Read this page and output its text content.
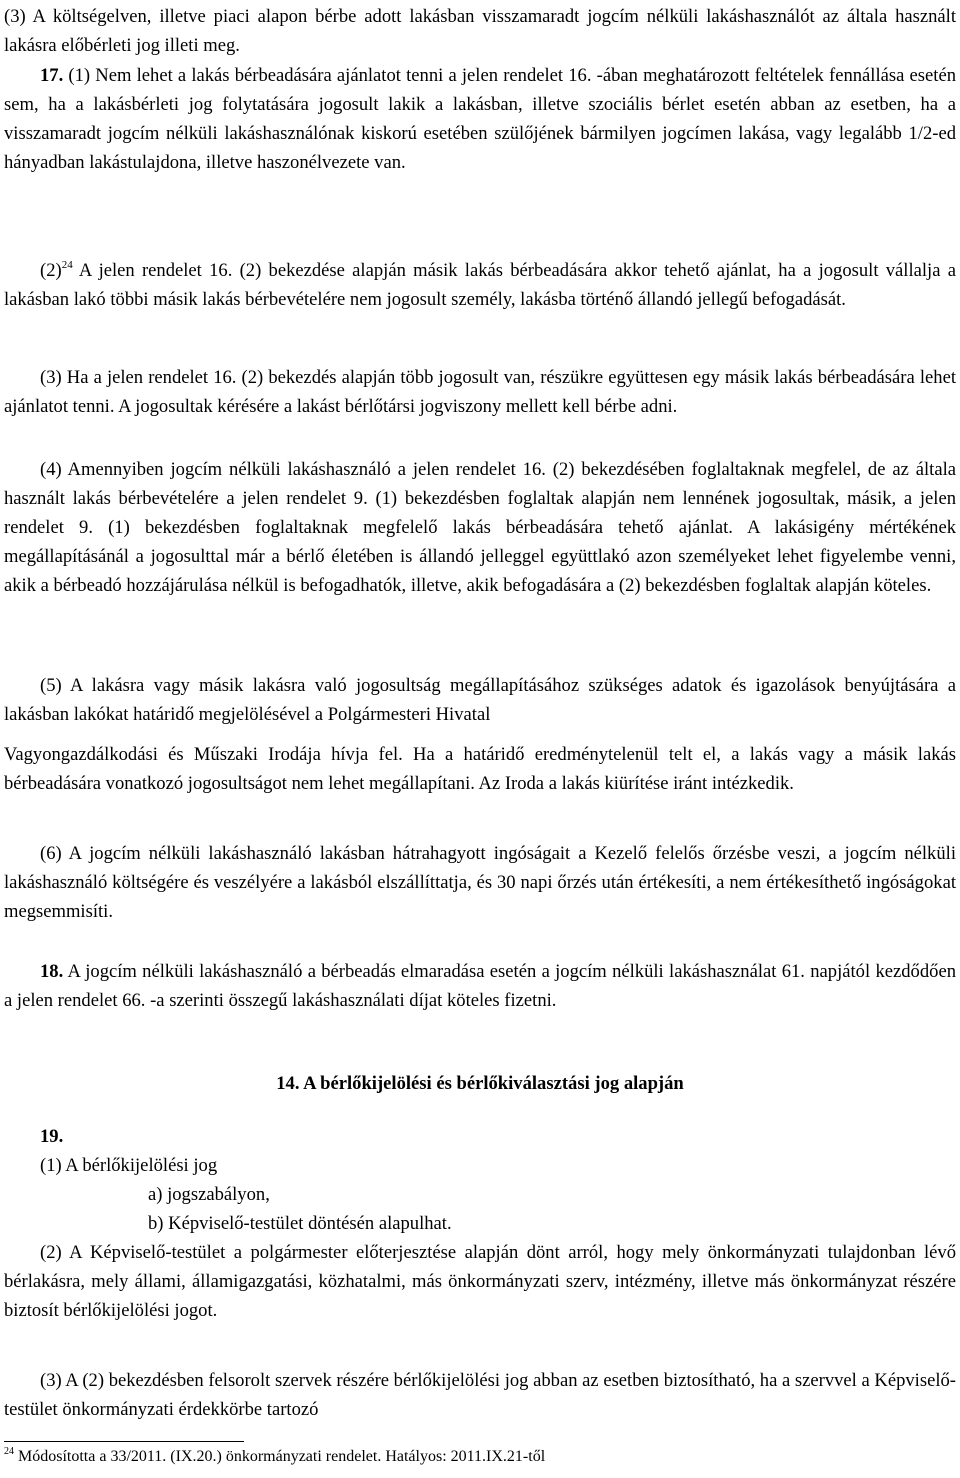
(3) A költségelven, illetve piaci alapon bérbe adott lakásban visszamaradt jogcím nélküli lakáshasználót az általa használt lakásra előbérleti jog illeti meg.

17. (1) Nem lehet a lakás bérbeadására ajánlatot tenni a jelen rendelet 16. -ában meghatározott feltételek fennállása esetén sem, ha a lakásbérleti jog folytatására jogosult lakik a lakásban, illetve szociális bérlet esetén abban az esetben, ha a visszamaradt jogcím nélküli lakáshasználónak kiskorú esetében szülőjének bármilyen jogcímen lakása, vagy legalább 1/2-ed hányadban lakástulajdona, illetve haszonélvezete van.

$(2)^{24}$ A jelen rendelet 16. (2) bekezdése alapján másik lakás bérbeadására akkor tehető ajánlat, ha a jogosult vállalja a lakásban lakó többi másik lakás bérbevételére nem jogosult személy, lakásba történő állandó jellegű befogadását.

(3) Ha a jelen rendelet 16. (2) bekezdés alapján több jogosult van, részükre együttesen egy másik lakás bérbeadására lehet ajánlatot tenni. A jogosultak kérésére a lakást bérlőtársi jogviszony mellett kell bérbe adni.

(4) Amennyiben jogcím nélküli lakáshasználó a jelen rendelet 16. (2) bekezdésében foglaltaknak megfelel, de az általa használt lakás bérbevételére a jelen rendelet 9. (1) bekezdésben foglaltak alapján nem lennének jogosultak, másik, a jelen rendelet 9. (1) bekezdésben foglaltaknak megfelelő lakás bérbeadására tehető ajánlat. A lakásigény mértékének megállapításánál a jogosulttal már a bérlő életében is állandó jelleggel együttlakó azon személyeket lehet figyelembe venni, akik a bérbeadó hozzájárulása nélkül is befogadhatók, illetve, akik befogadására a (2) bekezdésben foglaltak alapján köteles.

(5) A lakásra vagy másik lakásra való jogosultság megállapításához szükséges adatok és igazolások benyújtására a lakásban lakókat határidő megjelölésével a Polgármesteri Hivatal

Vagyongazdálkodási és Műszaki Irodája hívja fel. Ha a határidő eredménytelenül telt el, a lakás vagy a másik lakás bérbeadására vonatkozó jogosultságot nem lehet megállapítani. Az Iroda a lakás kiürítése iránt intézkedik.

(6) A jogcím nélküli lakáshasználó lakásban hátrahagyott ingóságait a Kezelő felelős őrzésbe veszi, a jogcím nélküli lakáshasználó költségére és veszélyére a lakásból elszállíttatja, és 30 napi őrzés után értékesíti, a nem értékesíthető ingóságokat megsemmisíti.

18. A jogcím nélküli lakáshasználó a bérbeadás elmaradása esetén a jogcím nélküli lakáshasználat 61. napjától kezdődően a jelen rendelet 66. -a szerinti összegű lakáshasználati díjat köteles fizetni.

14. A bérlőkijelölési és bérlőkiválasztási jog alapján
19.
(1) A bérlőkijelölési jog
a) jogszabályon,
b) Képviselő-testület döntésén alapulhat.

(2) A Képviselő-testület a polgármester előterjesztése alapján dönt arról, hogy mely önkormányzati tulajdonban lévő bérlakásra, mely állami, államigazgatási, közhatalmi, más önkormányzati szerv, intézmény, illetve más önkormányzat részére biztosít bérlőkijelölési jogot.

(3) A (2) bekezdésben felsorolt szervek részére bérlőkijelölési jog abban az esetben biztosítható, ha a szervvel a Képviselő-testület önkormányzati érdekkörbe tartozó

$^{24}$ Módosította a 33/2011. (IX.20.) önkormányzati rendelet. Hatályos: 2011.IX.21-től
